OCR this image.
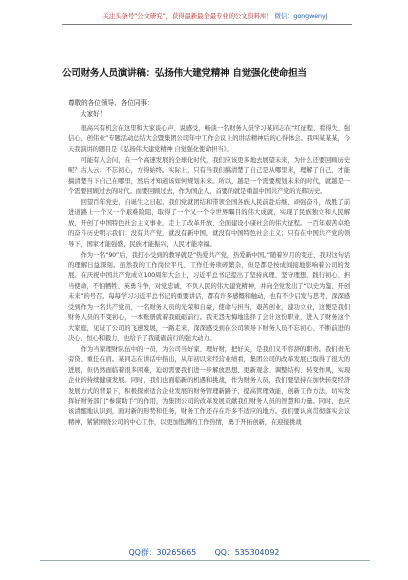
关注头条号“公文研究”，获得最新最全最专业的公文资料库！ 微信：gongwenyj
公司财务人员演讲稿：弘扬伟大建党精神 自觉强化使命担当
尊敬的各位领导、各位同事：
大家好！

很高兴有机会在这里和大家谈心声、说感受，畅谈一名财务人员学习某同志在“红征程、看得失、强信心、创伟业”专题活动总结大会暨集团公司年中工作会议上的讲话精神后的心得体会。我叫某某某，今天我演讲的题目是《弘扬伟大建党精神 自觉强化使命担当》。

可能有人会问，在一个高速发展的全球化时代，我们应该更多地去展望未来，为什么还要回顾历史呢？古人云：不忘初心，方得始终。实际上，只有当我们搞清楚了自己是从哪里来，理解了自己，才能搞清楚当下自己在哪里，然后才知道该如何规划未来。所以，越是一个需要规划未来的时代，就越是一个需要回顾过去的时代。而要回顾过去，作为国企人，首要的就是重温中国共产党的光辉历史。

回望百年党史，自诞生之日起，我们党就团结和带领全国各族人民前赴后继、顽强奋斗，战胜了前进道路上一个又一个艰难险阻，取得了一个又一个令世界瞩目的伟大成就，实现了民族独立和人民解放，开创了中国特色社会主义事业，走上了改革开放、全面建设小康社会的伟大征程。一百年艰苦卓绝的奋斗历史明示我们：没有共产党，就没有新中国，就没有中国特色社会主义；只有在中国共产党的领导下，国家才能强盛，民族才能振兴，人民才能幸福。

作为一名“90”后，我打小受到的教导就是“热爱共产党，热爱新中国。”随着岁月的变迁，我对这句话的理解日益深刻。虽然我的工作岗位平凡、工作任务琐碎繁杂，但是都是按成间接地影响着公司的发展。在庆祝中国共产党成立100周年大会上，习近平总书记提出了坚持真理、坚守理想，践行初心、担当使命，不怕牺牲、英勇斗争，对党忠诚、不负人民的伟大建党精神，并向全党发出了“以史为鉴、开创未来”的号召。每每学习习近平总书记的重要讲话，都有许多感慨和触动，也有不少启发与思考，深深感受到作为一名共产党员，一名财务人员的光荣和自豪，使命与担当，艰苦创业，建功立业，这便是我们财务人员的不变初心，一本账册就着我砥砺前行。我无怨无悔地选择了会计这份职业，进入了财务这个大家庭，见证了公司的飞速发展，一路走来，深深感受到在公司领导下财务人员不忘初心、不断前进的决心、恒心和毅力，也给予了我砥砺前行的强大动力。

作为当家理财队伍中的一员，为公司当好家、理好财，把好关，是我们义不容辞的职责。我们责无旁贷、重任在肩。某同志在讲话中指出，从年初以来经营业绩看，集团公司的改革发展已取得了很大的进展，但仍然面临着很多困难，迫切需要我们进一步解放思想、更新观念、调整结构、转变作风，实现企业的持续健康发展。同时，我们也面临新的机遇和挑战，作为财务人员，我们要坚持在加快转变经济发展方式的背景下，积极探索适合企业发展的财务管理新路子，提高管理效能，创新工作方法，切实发挥好财务部门“参谋助手”的作用，为集团公司的改革发展贡献我们财务人员的智慧和力量。同时，也应该清醒地认识到，面对新的形势和任务，财务工作还存在许多不适应的地方。我们要认真贯彻落实会议精神，紧紧围绕公司的中心工作，以更加饱满的工作热情，勇于开拓创新，在迎接挑战

QQ群：30265665 QQ：535304092
